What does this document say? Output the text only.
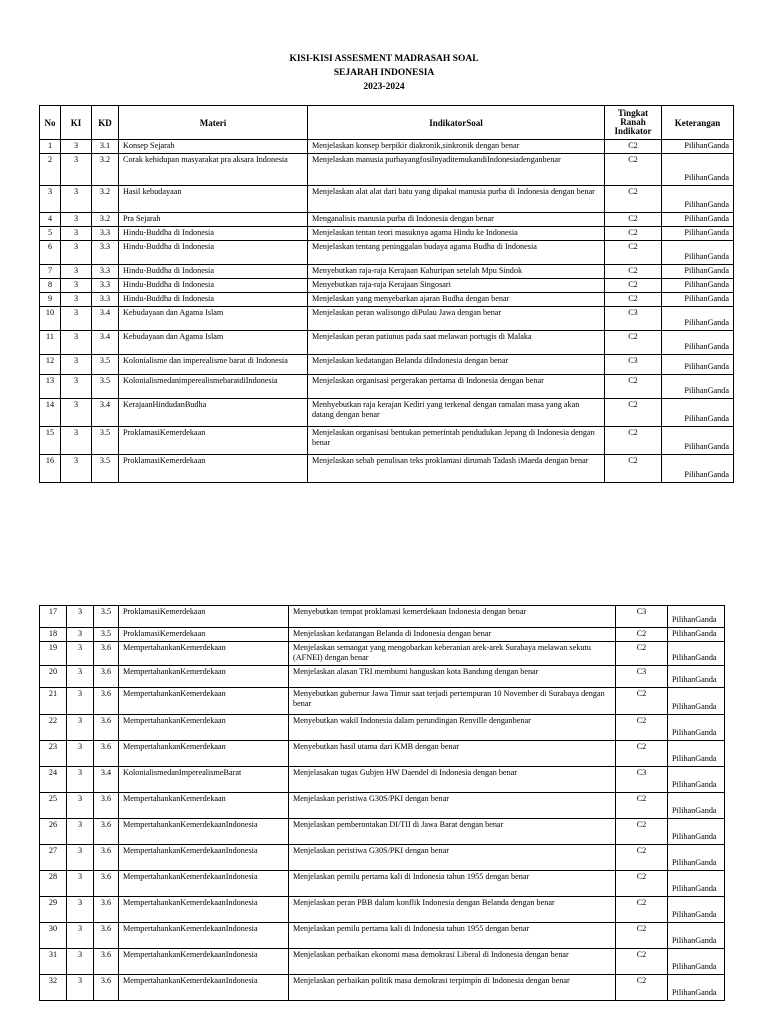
KISI-KISI ASSESMENT MADRASAH SOAL
SEJARAH INDONESIA
2023-2024
No	KI	KD	Materi	IndikatorSoal	Tingkat Ranah Indikator	Keterangan
1	3	3.1	Konsep Sejarah	Menjelaskan konsep berpikir diakronik,sinkronik dengan benar	C2	PilihanGanda
2	3	3.2	Corak kehidupan masyarakat pra aksara Indonesia	Menjelaskan manusia purbayangfosilnyaditemukandiIndonesiadenganbenar	C2	PilihanGanda
3	3	3.2	Hasil kebudayaan	Menjelaskan alat alat dari batu yang dipakai manusia purba di Indonesia dengan benar	C2	PilihanGanda
4	3	3.2	Pra Sejarah	Menganalisis manusia purba di Indonesia dengan benar	C2	PilihanGanda
5	3	3.3	Hindu-Buddha di Indonesia	Menjelaskan tentan teori masuknya agama Hindu ke Indonesia	C2	PilihanGanda
6	3	3.3	Hindu-Buddha di Indonesia	Menjelaskan tentang peninggalan budaya agama Budha di Indonesia	C2	PilihanGanda
7	3	3.3	Hindu-Buddha di Indonesia	Menyebutkan raja-raja Kerajaan Kahuripan setelah Mpu Sindok	C2	PilihanGanda
8	3	3.3	Hindu-Buddha di Indonesia	Menyebutkan raja-raja Kerajaan Singosari	C2	PilihanGanda
9	3	3.3	Hindu-Buddha di Indonesia	Menjelaskan yang menyebarkan ajaran Budha dengan benar	C2	PilihanGanda
10	3	3.4	Kebudayaan dan Agama Islam	Menjelaskan peran walisongo diPulau Jawa dengan benar	C3	PilihanGanda
11	3	3.4	Kebudayaan dan Agama Islam	Menjelaskan peran patiunus pada saat melawan portugis di Malaka	C2	PilihanGanda
12	3	3.5	Kolonialisme dan imperealisme barat di Indonesia	Menjelaskan kedatangan Belanda diIndonesia dengan benar	C3	PilihanGanda
13	3	3.5	KolonialismedanimperealismebaratdiIndonesia	Menjelaskan organisasi pergerakan pertama di Indonesia dengan benar	C2	PilihanGanda
14	3	3.4	KerajaanHindudanBudha	Menhyebutkan raja kerajan Kediri yang terkenal dengan ramalan masa yang akan datang dengan benar	C2	PilihanGanda
15	3	3.5	ProklamasiKemerdekaan	Menjelaskan organisasi bentukan pemerintah pendudukan Jepang di Indonesia dengan benar	C2	PilihanGanda
16	3	3.5	ProklamasiKemerdekaan	Menjelaskan sebab penulisan teks proklamasi dirumah Tadash iMaeda dengan benar	C2	PilihanGanda
17	3	3.5	ProklamasiKemerdekaan	Menyebutkan tempat proklamasi kemerdekaan Indonesia dengan benar	C3	PilihanGanda
18	3	3.5	ProklamasiKemerdekaan	Menjelaskan kedatangan Belanda di Indonesia dengan benar	C2	PilihanGanda
19	3	3.6	MempertahankanKemerdekaan	Menjelaskan semangat yang mengobarkan keberanian arek-arek Surabaya melawan sekutu (AFNEI) dengan benar	C2	PilihanGanda
20	3	3.6	MempertahankanKemerdekaan	Menjelaskan alasan TRI membumi hanguskan kota Bandung dengan benar	C3	PilihanGanda
21	3	3.6	MempertahankanKemerdekaan	Menyebutkan gubernur Jawa Timur saat terjadi pertempuran 10 November di Surabaya dengan benar	C2	PilihanGanda
22	3	3.6	MempertahankanKemerdekaan	Menyebutkan wakil Indonesia dalam perundingan Renville denganbenar	C2	PilihanGanda
23	3	3.6	MempertahankanKemerdekaan	Menyebutkan hasil utama dari KMB dengan benar	C2	PilihanGanda
24	3	3.4	KolonialismedanImperealismeBarat	Menjelasakan tugas Gubjen HW Daendel di Indonesia dengan benar	C3	PilihanGanda
25	3	3.6	MempertahankanKemerdekaan	Menjelaskan peristiwa G30S/PKI dengan benar	C2	PilihanGanda
26	3	3.6	MempertahankanKemerdekaanIndonesia	Menjelaskan pemberontakan DI/TII di Jawa Barat dengan benar	C2	PilihanGanda
27	3	3.6	MempertahankanKemerdekaanIndonesia	Menjelaskan peristiwa G30S/PKI dengan benar	C2	PilihanGanda
28	3	3.6	MempertahankanKemerdekaanIndonesia	Menjelaskan pemilu pertama kali di Indonesia tahun 1955 dengan benar	C2	PilihanGanda
29	3	3.6	MempertahankanKemerdekaanIndonesia	Menjelaskan peran PBB dalam konflik Indonesia dengan Belanda dengan benar	C2	PilihanGanda
30	3	3.6	MempertahankanKemerdekaanIndonesia	Menjelaskan pemilu pertama kali di Indonesia tahun 1955 dengan benar	C2	PilihanGanda
31	3	3.6	MempertahankanKemerdekaanIndonesia	Menjelaskan perbaikan ekonomi masa demokrasi Liberal di Indonesia dengan benar	C2	PilihanGanda
32	3	3.6	MempertahankanKemerdekaanIndonesia	Menjelaskan perbaikan politik masa demokrasi terpimpin di Indonesia dengan benar	C2	PilihanGanda
